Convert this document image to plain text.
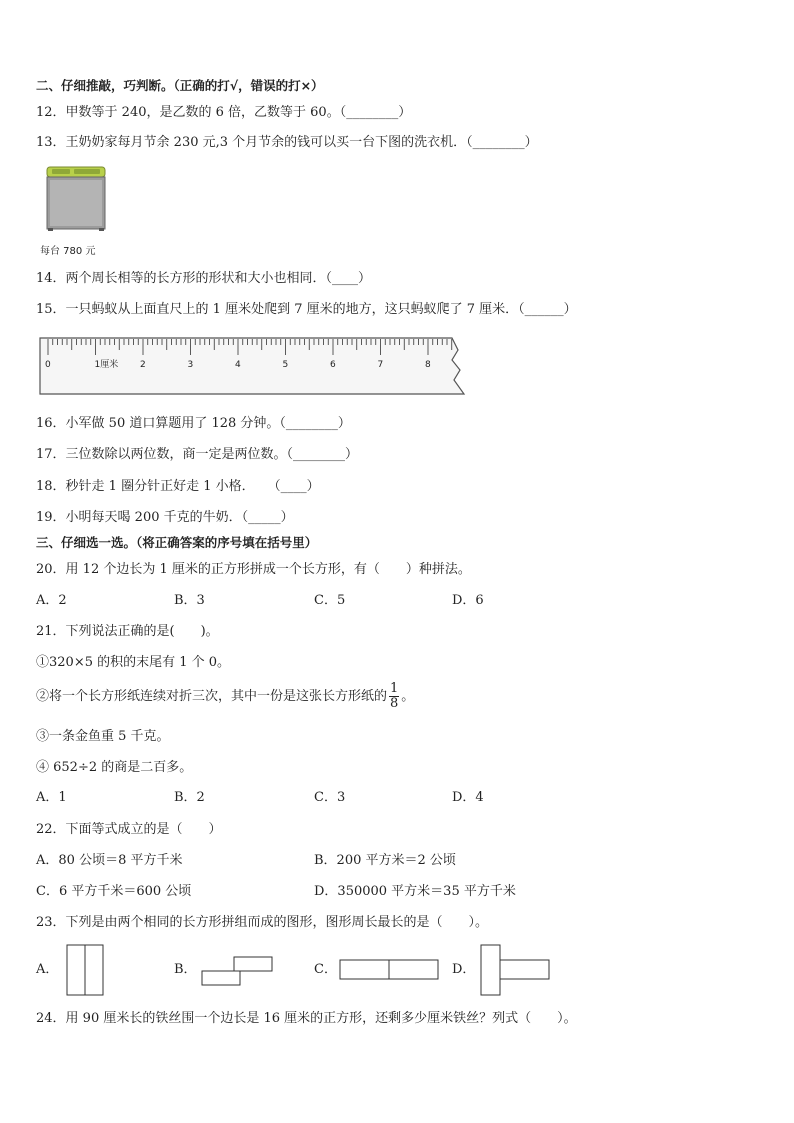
二、仔细推敲，巧判断。（正确的打√，错误的打×）
12．甲数等于 240，是乙数的 6 倍，乙数等于 60。（________）
13．王奶奶家每月节余 230 元,3 个月节余的钱可以买一台下图的洗衣机．（________）
每台 780 元
14．两个周长相等的长方形的形状和大小也相同．（____）
15．一只蚂蚁从上面直尺上的 1 厘米处爬到 7 厘米的地方，这只蚂蚁爬了 7 厘米．（______）
0	1厘米 2	3	4	5	6	7	8
16．小军做 50 道口算题用了 128 分钟。（________）
17．三位数除以两位数，商一定是两位数。（________）
18．秒针走 1 圈分针正好走 1 小格．　　（____）
19．小明每天喝 200 千克的牛奶．（_____）
三、仔细选一选。（将正确答案的序号填在括号里）
20．用 12 个边长为 1 厘米的正方形拼成一个长方形，有（　　）种拼法。
A．2	B．3	C．5	D．6
21．下列说法正确的是(　　)。
①320×5 的积的末尾有 1 个 0。
②将一个长方形纸连续对折三次，其中一份是这张长方形纸的 $\frac{1}{8}$ 。
③一条金鱼重 5 千克。
④ 652÷2 的商是二百多。
A．1	B．2	C．3	D．4
22．下面等式成立的是（　　）
A．80 公顷＝8 平方千米	B．200 平方米＝2 公顷
C．6 平方千米＝600 公顷	D．350000 平方米＝35 平方千米
23．下列是由两个相同的长方形拼组而成的图形，图形周长最长的是（　　）。
A．	B．	C．	D．
24．用 90 厘米长的铁丝围一个边长是 16 厘米的正方形，还剩多少厘米铁丝？列式（　　）。
